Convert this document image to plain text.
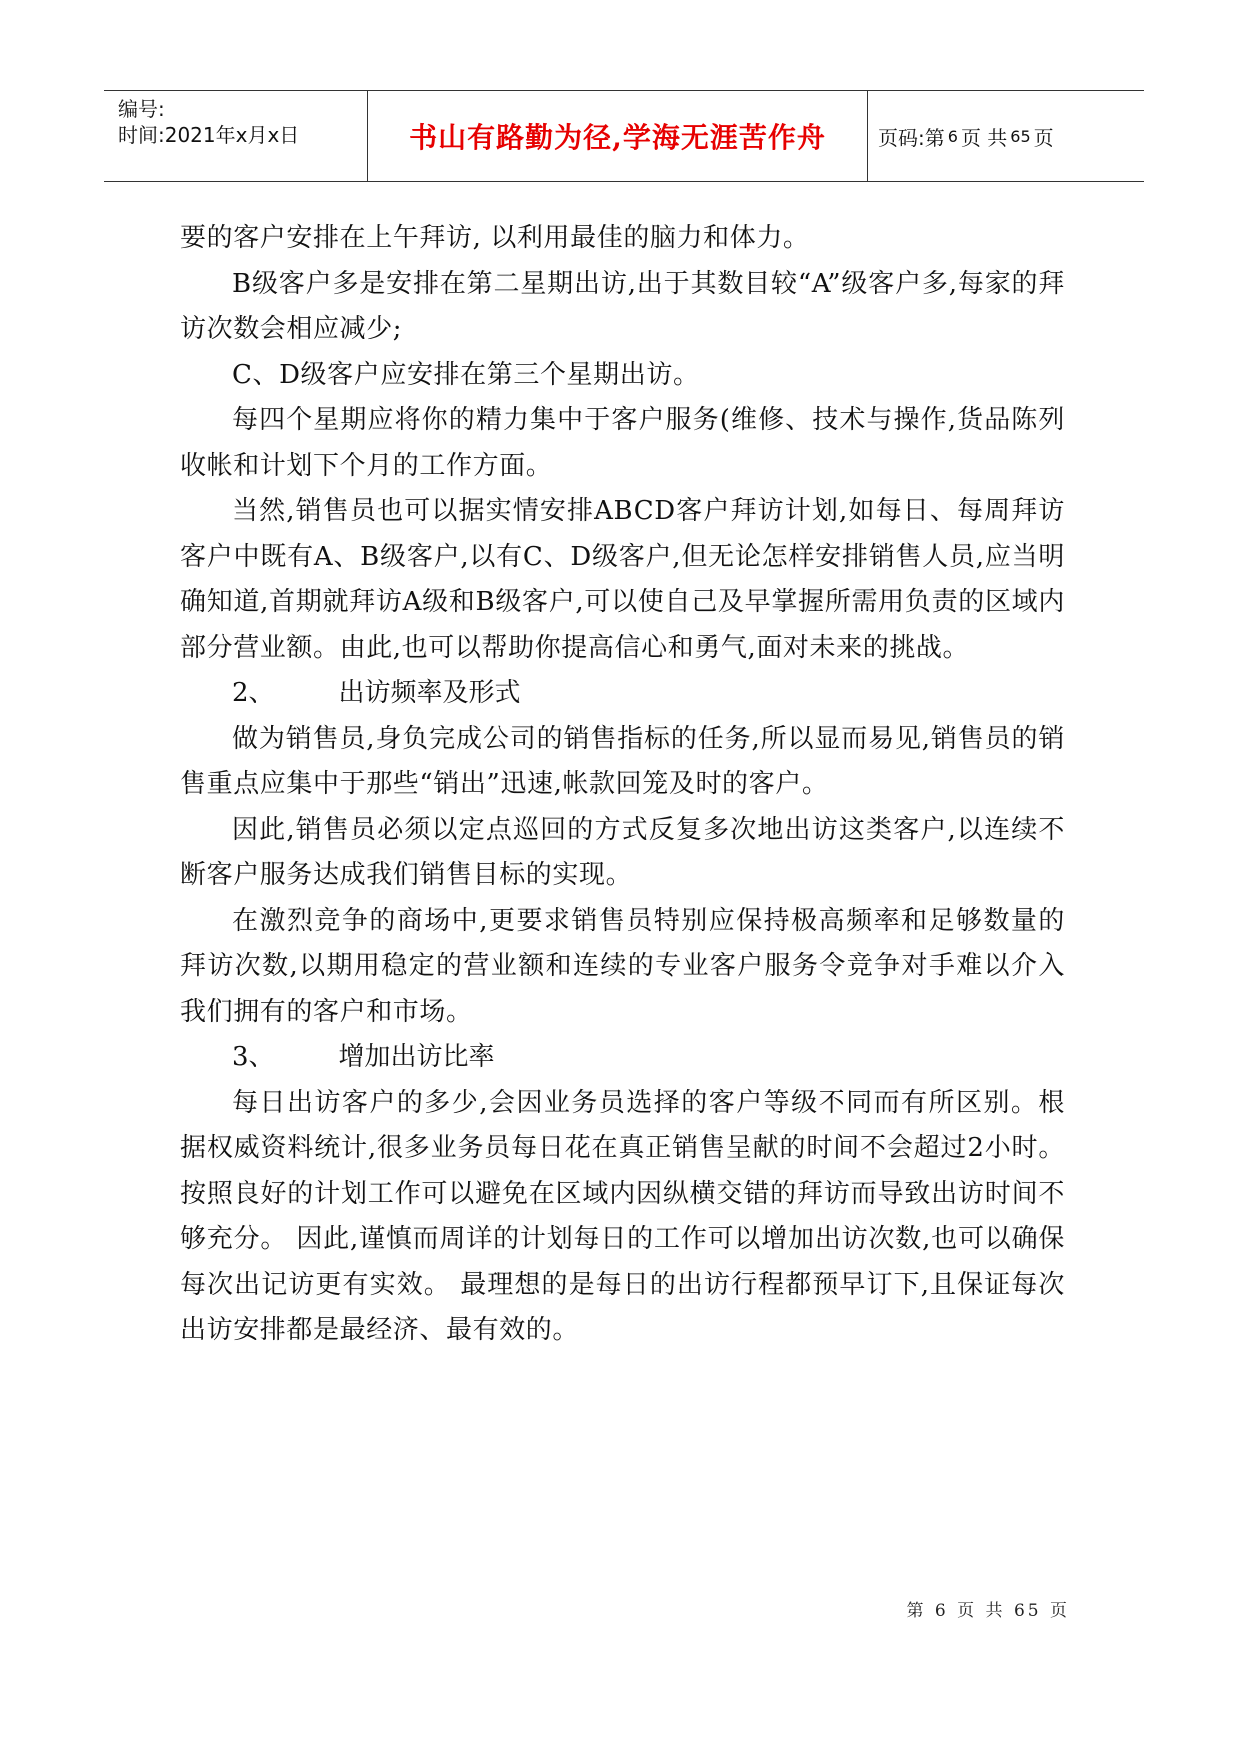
编号:
时间:2021年x月x日	书山有路勤为径,学海无涯苦作舟	页码:第 6 页 共 65 页

要的客户安排在上午拜访, 以利用最佳的脑力和体力。

B级客户多是安排在第二星期出访,出于其数目较“A”级客户多,每家的拜访次数会相应减少;

C、D级客户应安排在第三个星期出访。

每四个星期应将你的精力集中于客户服务(维修、技术与操作,货品陈列收帐和计划下个月的工作方面。

当然,销售员也可以据实情安排ABCD客户拜访计划,如每日、每周拜访客户中既有A、B级客户,以有C、D级客户,但无论怎样安排销售人员,应当明确知道,首期就拜访A级和B级客户,可以使自己及早掌握所需用负责的区域内部分营业额。由此,也可以帮助你提高信心和勇气,面对未来的挑战。

2、 出访频率及形式

做为销售员,身负完成公司的销售指标的任务,所以显而易见,销售员的销售重点应集中于那些“销出”迅速,帐款回笼及时的客户。

因此,销售员必须以定点巡回的方式反复多次地出访这类客户,以连续不断客户服务达成我们销售目标的实现。

在激烈竞争的商场中,更要求销售员特别应保持极高频率和足够数量的拜访次数,以期用稳定的营业额和连续的专业客户服务令竞争对手难以介入我们拥有的客户和市场。

3、 增加出访比率

每日出访客户的多少,会因业务员选择的客户等级不同而有所区别。根据权威资料统计,很多业务员每日花在真正销售呈献的时间不会超过2小时。按照良好的计划工作可以避免在区域内因纵横交错的拜访而导致出访时间不够充分。 因此,谨慎而周详的计划每日的工作可以增加出访次数,也可以确保每次出记访更有实效。 最理想的是每日的出访行程都预早订下,且保证每次出访安排都是最经济、最有效的。

第 6 页 共 65 页
